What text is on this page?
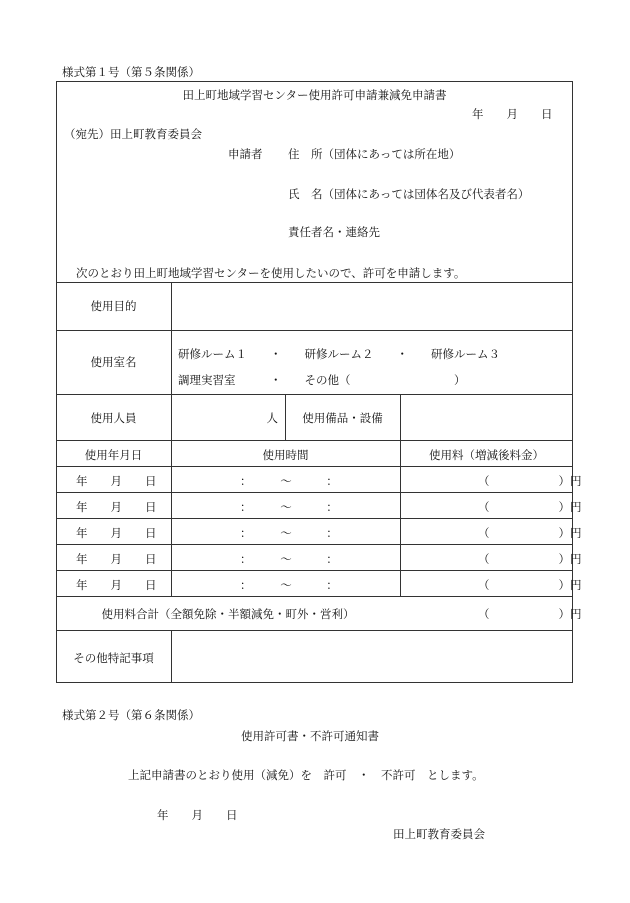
様式第１号（第５条関係）
田上町地域学習センター使用許可申請兼減免申請書
年　　月　　日
（宛先）田上町教育委員会
申請者 住　所（団体にあっては所在地）
氏　名（団体にあっては団体名及び代表者名）
責任者名・連絡先
次のとおり田上町地域学習センターを使用したいので、許可を申請します。
使用目的
使用室名
研修ルーム１　　・　　研修ルーム２　　・　　研修ルーム３
調理実習室　　　・　　その他（　　　　　　　　　）
使用人員	人	使用備品・設備
使用年月日	使用時間	使用料（増減後料金）
年　　月　　日	：　　　～　　　：	（　　　　　　）円
年　　月　　日	：　　　～　　　：	（　　　　　　）円
年　　月　　日	：　　　～　　　：	（　　　　　　）円
年　　月　　日	：　　　～　　　：	（　　　　　　）円
年　　月　　日	：　　　～　　　：	（　　　　　　）円
使用料合計（全額免除・半額減免・町外・営利）	（　　　　　　）円
その他特記事項
様式第２号（第６条関係）
使用許可書・不許可通知書
上記申請書のとおり使用（減免）を　許可　・　不許可　とします。
年　　月　　日
田上町教育委員会
